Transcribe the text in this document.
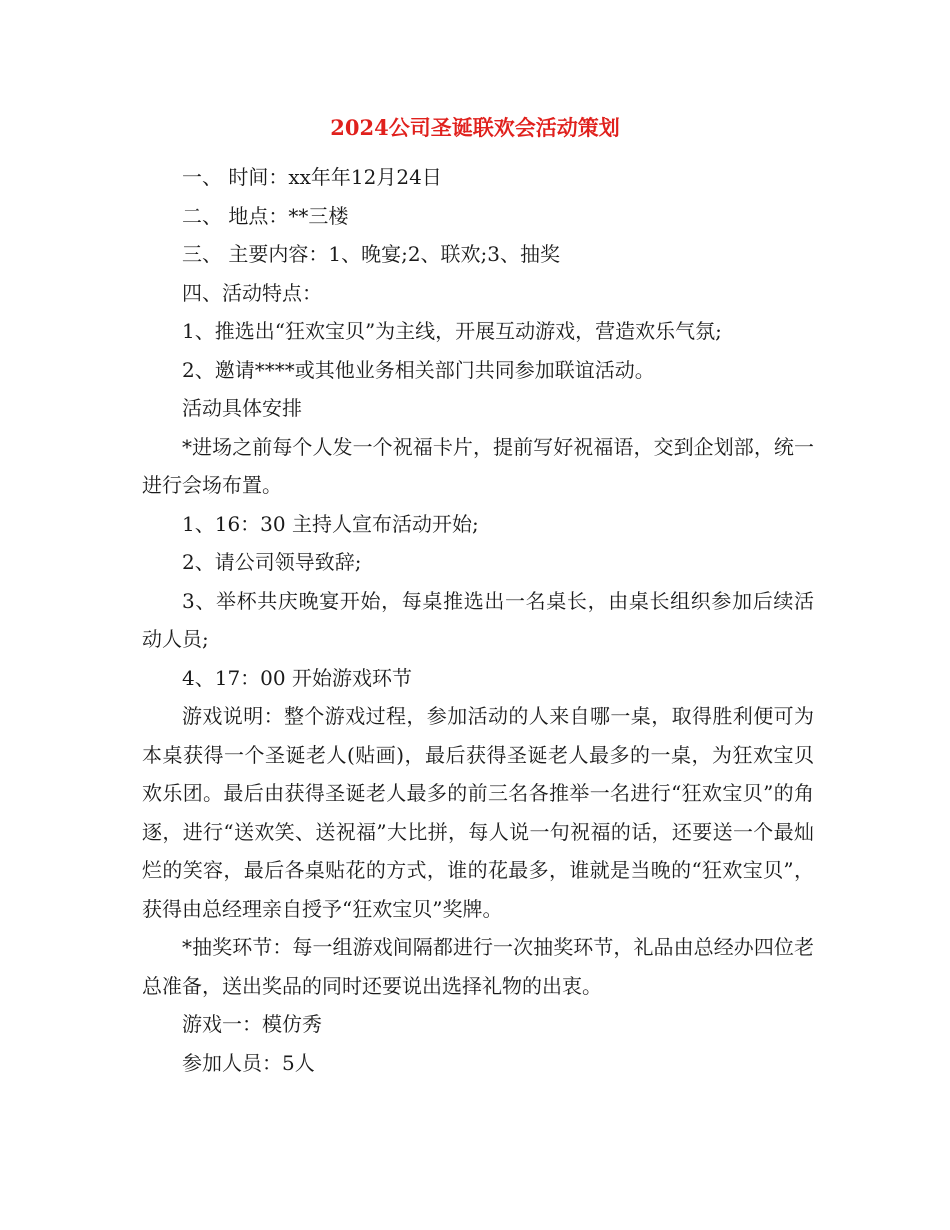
2024公司圣诞联欢会活动策划

一、 时间：xx年年12月24日

二、 地点：**三楼

三、 主要内容：1、晚宴;2、联欢;3、抽奖

四、活动特点：

1、推选出“狂欢宝贝”为主线，开展互动游戏，营造欢乐气氛;

2、邀请****或其他业务相关部门共同参加联谊活动。

活动具体安排

*进场之前每个人发一个祝福卡片，提前写好祝福语，交到企划部，统一进行会场布置。

1、16：30 主持人宣布活动开始;

2、请公司领导致辞;

3、举杯共庆晚宴开始，每桌推选出一名桌长，由桌长组织参加后续活动人员;

4、17：00 开始游戏环节

游戏说明：整个游戏过程，参加活动的人来自哪一桌，取得胜利便可为本桌获得一个圣诞老人(贴画)，最后获得圣诞老人最多的一桌，为狂欢宝贝欢乐团。最后由获得圣诞老人最多的前三名各推举一名进行“狂欢宝贝”的角逐，进行“送欢笑、送祝福”大比拼，每人说一句祝福的话，还要送一个最灿烂的笑容，最后各桌贴花的方式，谁的花最多，谁就是当晚的“狂欢宝贝”，获得由总经理亲自授予“狂欢宝贝”奖牌。

*抽奖环节：每一组游戏间隔都进行一次抽奖环节，礼品由总经办四位老总准备，送出奖品的同时还要说出选择礼物的出衷。

游戏一：模仿秀

参加人员：5人
